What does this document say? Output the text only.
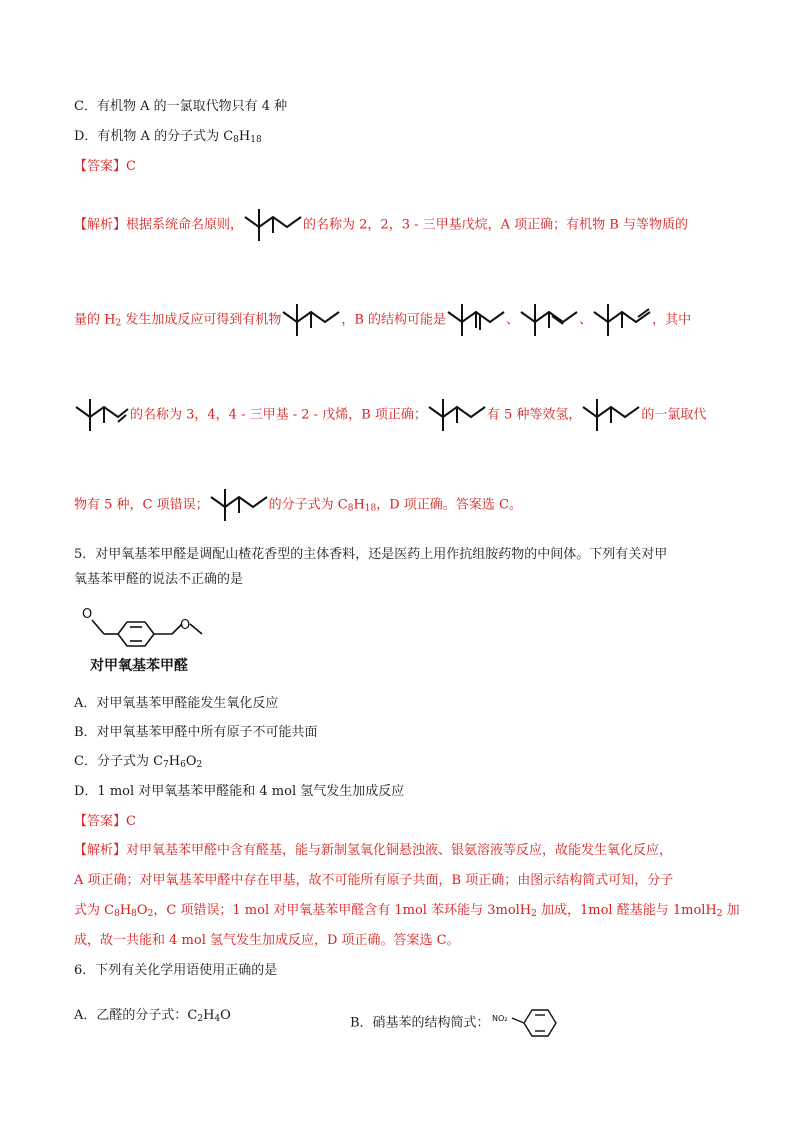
C．有机物 A 的一氯取代物只有 4 种
D．有机物 A 的分子式为 $C_8H_{18}$
【答案】C
【解析】根据系统命名原则，	的名称为 2，2，3 - 三甲基戊烷，A 项正确；有机物 B 与等物质的
量的 $H_2$ 发生加成反应可得到有机物	，B 的结构可能是	、	、	，其中
的名称为 3，4，4 - 三甲基 - 2 - 戊烯，B 项正确；	有 5 种等效氢，	的一氯取代
物有 5 种，C 项错误；	的分子式为 $C_8H_{18}$，D 项正确。答案选 C。
5．对甲氧基苯甲醛是调配山楂花香型的主体香料，还是医药上用作抗组胺药物的中间体。下列有关对甲
氧基苯甲醛的说法不正确的是
O
O
对甲氧基苯甲醛
A．对甲氧基苯甲醛能发生氧化反应
B．对甲氧基苯甲醛中所有原子不可能共面
C．分子式为 $C_7H_6O_2$
D．1 mol 对甲氧基苯甲醛能和 4 mol 氢气发生加成反应
【答案】C
【解析】对甲氧基苯甲醛中含有醛基，能与新制氢氧化铜悬浊液、银氨溶液等反应，故能发生氧化反应，
A 项正确；对甲氧基苯甲醛中存在甲基，故不可能所有原子共面，B 项正确；由图示结构简式可知，分子
式为 $C_8H_8O_2$，C 项错误；1 mol 对甲氧基苯甲醛含有 1mol 苯环能与 3molH$_2$ 加成，1mol 醛基能与 1molH$_2$ 加
成，故一共能和 4 mol 氢气发生加成反应，D 项正确。答案选 C。
6．下列有关化学用语使用正确的是
A．乙醛的分子式：$C_2H_4O$	B．硝基苯的结构简式： NO₂
